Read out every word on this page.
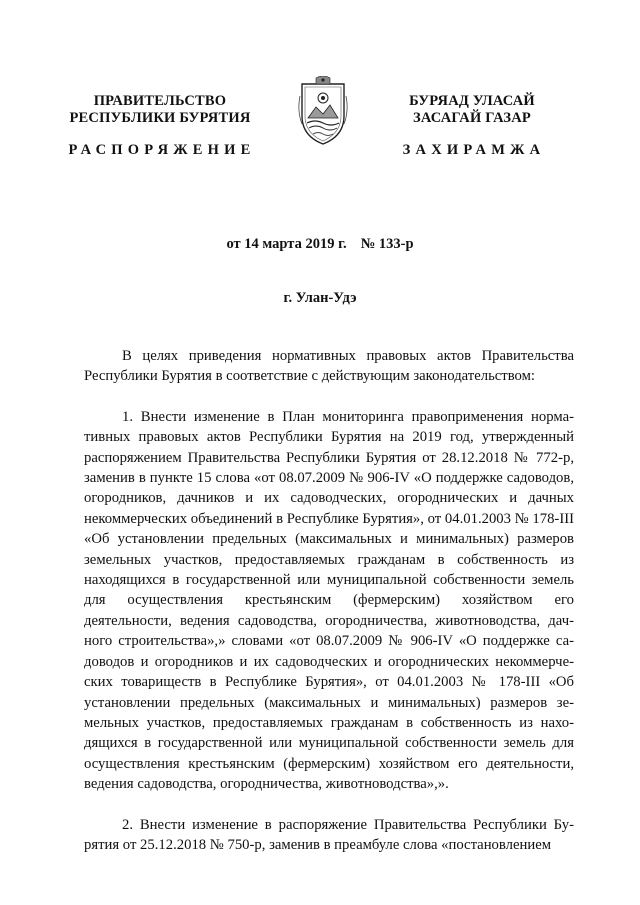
ПРАВИТЕЛЬСТВО
РЕСПУБЛИКИ БУРЯТИЯ
БУРЯАД УЛАСАЙ
ЗАСАГАЙ ГАЗАР
РАСПОРЯЖЕНИЕ	ЗАХИРАМЖА
от 14 марта 2019 г. № 133-р
г. Улан-Удэ

В целях приведения нормативных правовых актов Правительства Республики Бурятия в соответствие с действующим законодательством:

1. Внести изменение в План мониторинга правоприменения нормативных правовых актов Республики Бурятия на 2019 год, утвержденный распоряжением Правительства Республики Бурятия от 28.12.2018 № 772-р, заменив в пункте 15 слова «от 08.07.2009 № 906-IV «О поддержке садоводов, огородников, дачников и их садоводческих, огороднических и дачных некоммерческих объединений в Республике Бурятия», от 04.01.2003 № 178-III «Об установлении предельных (максимальных и минимальных) размеров земельных участков, предоставляемых гражданам в собственность из находящихся в государственной или муниципальной собственности земель для осуществления крестьянским (фермерским) хозяйством его деятельности, ведения садоводства, огородничества, животноводства, дачного строительства»,» словами «от 08.07.2009 № 906-IV «О поддержке садоводов и огородников и их садоводческих и огороднических некоммерческих товариществ в Республике Бурятия», от 04.01.2003 № 178-III «Об установлении предельных (максимальных и минимальных) размеров земельных участков, предоставляемых гражданам в собственность из находящихся в государственной или муниципальной собственности земель для осуществления крестьянским (фермерским) хозяйством его деятельности, ведения садоводства, огородничества, животноводства»,».

2. Внести изменение в распоряжение Правительства Республики Бурятия от 25.12.2018 № 750-р, заменив в преамбуле слова «постановлением
